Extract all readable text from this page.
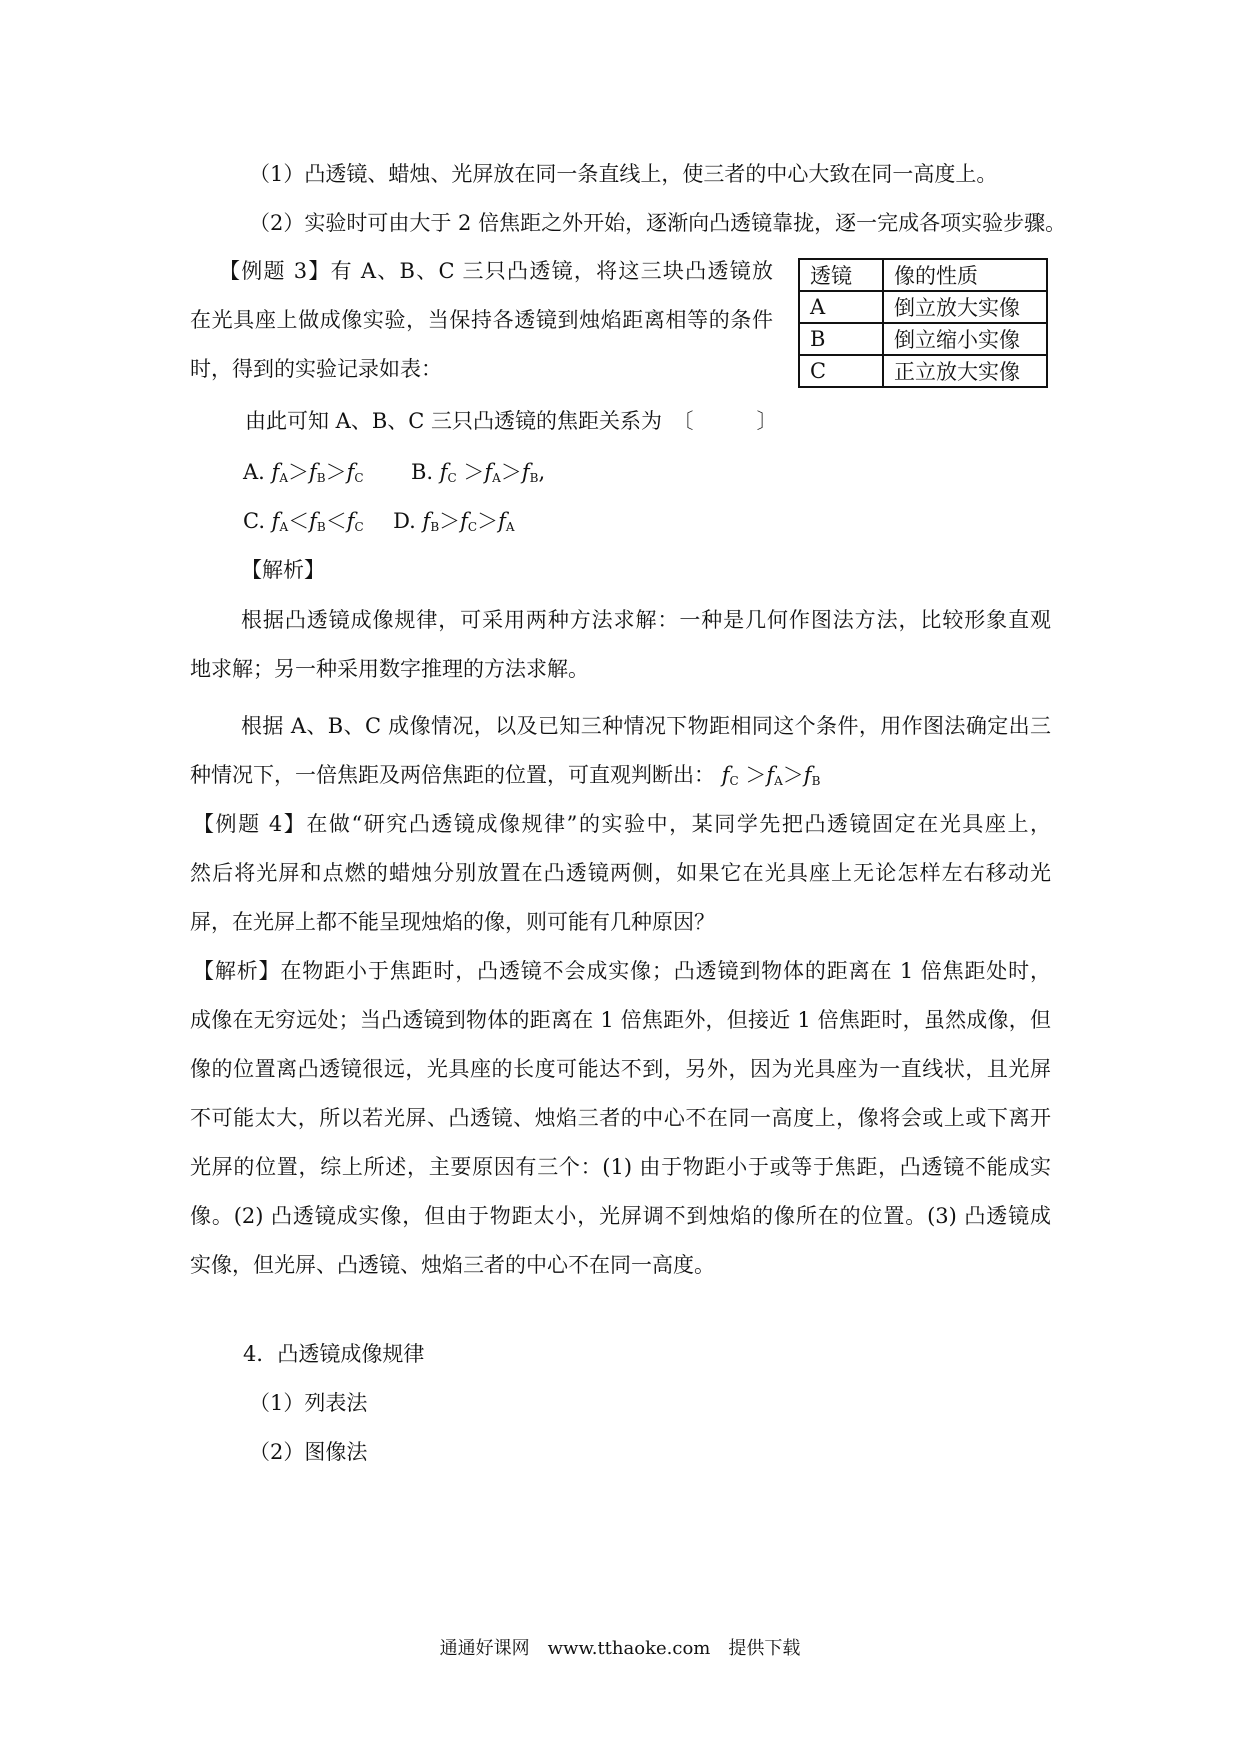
（1）凸透镜、蜡烛、光屏放在同一条直线上，使三者的中心大致在同一高度上。
（2）实验时可由大于 2 倍焦距之外开始，逐渐向凸透镜靠拢，逐一完成各项实验步骤。
【例题 3】有 A、B、C 三只凸透镜，将这三块凸透镜放
在光具座上做成像实验，当保持各透镜到烛焰距离相等的条件
时，得到的实验记录如表：
透镜	像的性质
A	倒立放大实像
B	倒立缩小实像
C	正立放大实像
由此可知 A、B、C 三只凸透镜的焦距关系为　〔　　　〕
A. $f_A>f_B>f_C$ B. $f_C >f_A>f_B$,
C. $f_A<f_B<f_C$ D. $f_B>f_C>f_A$
【解析】
根据凸透镜成像规律，可采用两种方法求解：一种是几何作图法方法，比较形象直观
地求解；另一种采用数字推理的方法求解。
根据 A、B、C 成像情况，以及已知三种情况下物距相同这个条件，用作图法确定出三
种情况下，一倍焦距及两倍焦距的位置，可直观判断出： $f_C >f_A>f_B$
【例题 4】在做“研究凸透镜成像规律”的实验中，某同学先把凸透镜固定在光具座上，
然后将光屏和点燃的蜡烛分别放置在凸透镜两侧，如果它在光具座上无论怎样左右移动光
屏，在光屏上都不能呈现烛焰的像，则可能有几种原因？
【解析】在物距小于焦距时，凸透镜不会成实像；凸透镜到物体的距离在 1 倍焦距处时，
成像在无穷远处；当凸透镜到物体的距离在 1 倍焦距外，但接近 1 倍焦距时，虽然成像，但
像的位置离凸透镜很远，光具座的长度可能达不到，另外，因为光具座为一直线状，且光屏
不可能太大，所以若光屏、凸透镜、烛焰三者的中心不在同一高度上，像将会或上或下离开
光屏的位置，综上所述，主要原因有三个：(1) 由于物距小于或等于焦距，凸透镜不能成实
像。(2) 凸透镜成实像，但由于物距太小，光屏调不到烛焰的像所在的位置。(3) 凸透镜成
实像，但光屏、凸透镜、烛焰三者的中心不在同一高度。
4．凸透镜成像规律
（1）列表法
（2）图像法
通通好课网　www.tthaoke.com　提供下载
